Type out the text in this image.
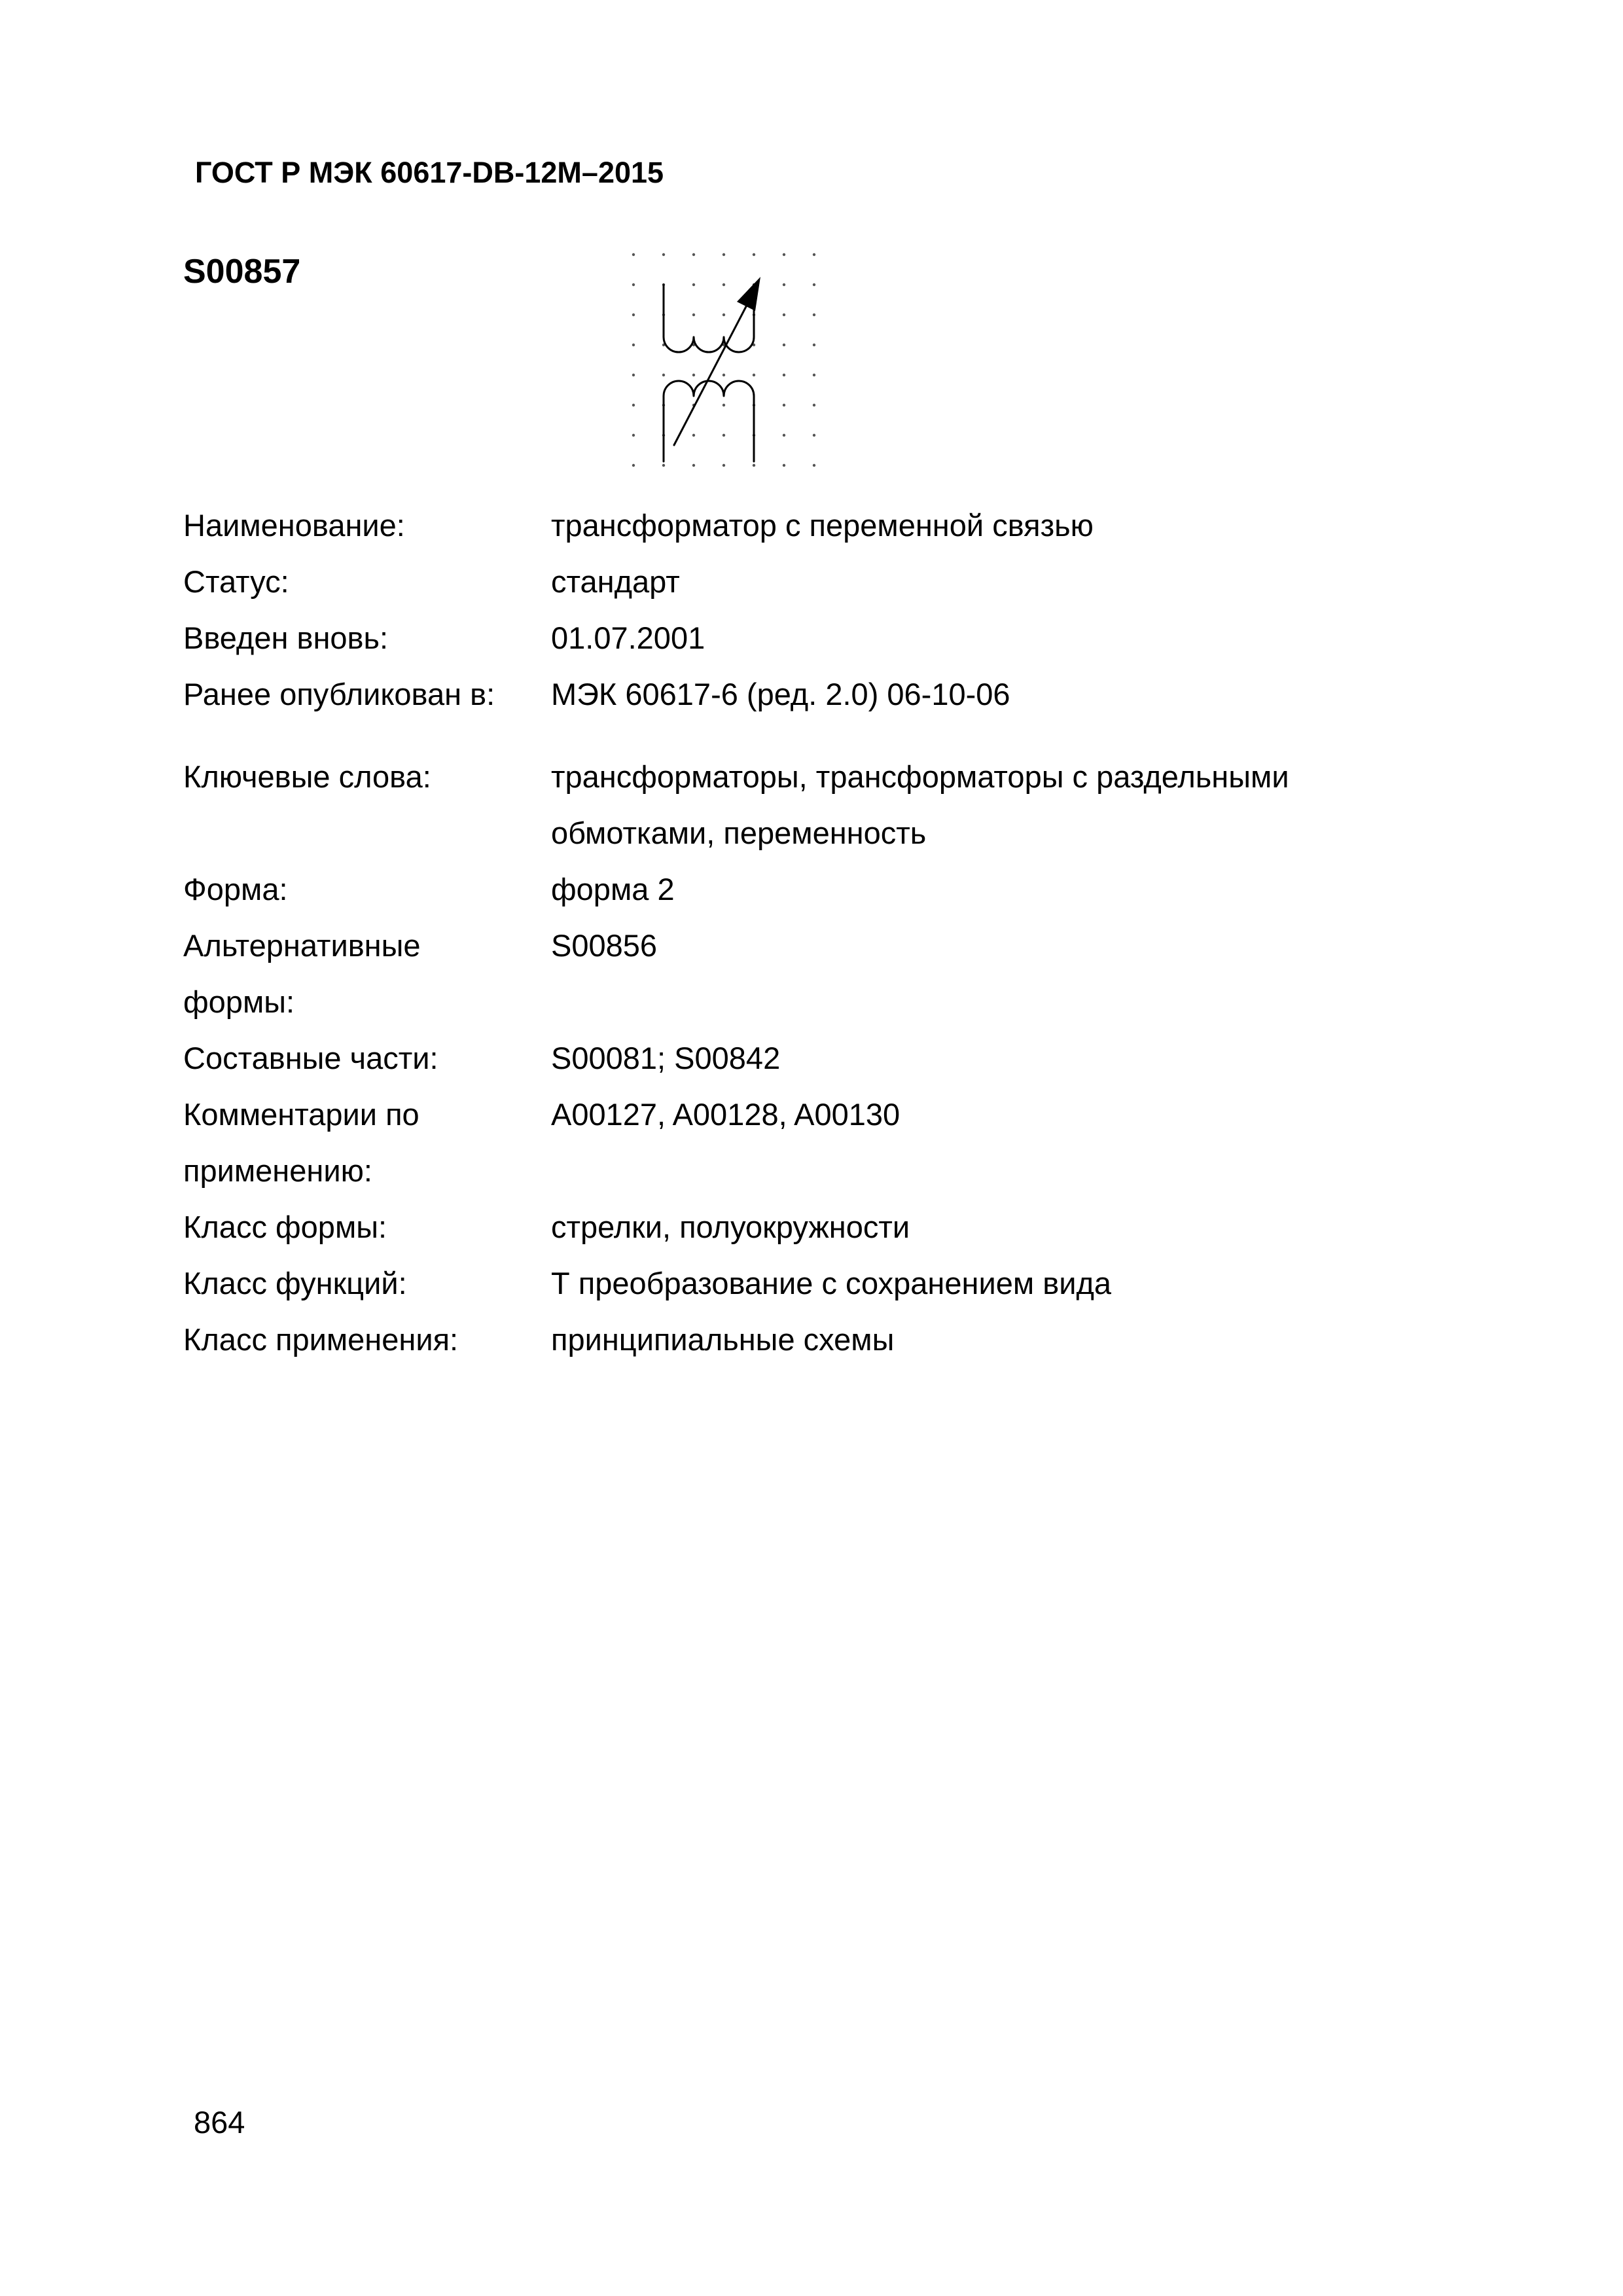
ГОСТ Р МЭК 60617-DB-12M–2015
S00857
Наименование:	трансформатор с переменной связью
Статус:	стандарт
Введен вновь:	01.07.2001
Ранее опубликован в:	МЭК 60617-6 (ред. 2.0) 06-10-06
Ключевые слова:	трансформаторы, трансформаторы с раздельными
обмотками, переменность
Форма:	форма 2
Альтернативные	S00856
формы:
Составные части:	S00081; S00842
Комментарии по	A00127, A00128, A00130
применению:
Класс формы:	стрелки, полуокружности
Класс функций:	Т преобразование с сохранением вида
Класс применения:	принципиальные схемы
864
